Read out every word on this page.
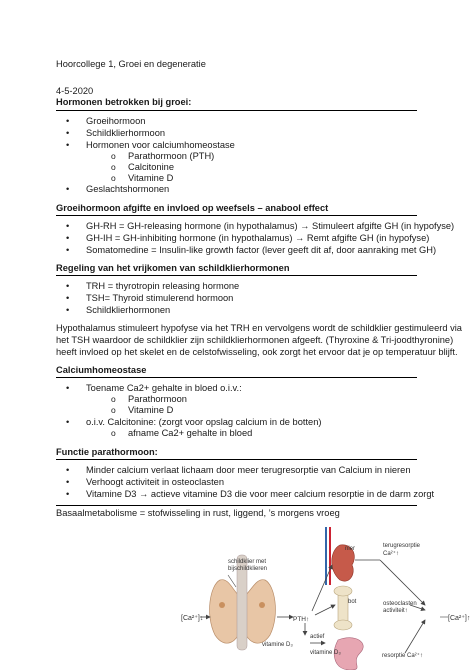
Hoorcollege 1, Groei en degeneratie
4-5-2020
Hormonen betrokken bij groei:
• Groeihormoon
• Schildklierhormoon
• Hormonen voor calciumhomeostase
o Parathormoon (PTH)
o Calcitonine
o Vitamine D
• Geslachtshormonen
Groeihormoon afgifte en invloed op weefsels – anabool effect
• GH-RH = GH-releasing hormone (in hypothalamus) → Stimuleert afgifte GH (in hypofyse)
• GH-IH = GH-inhibiting hormone (in hypothalamus) → Remt afgifte GH (in hypofyse)
• Somatomedine = Insulin-like growth factor (lever geeft dit af, door aanraking met GH)
Regeling van het vrijkomen van schildklierhormonen
• TRH = thyrotropin releasing hormone
• TSH= Thyroid stimulerend hormoon
• Schildklierhormonen
Hypothalamus stimuleert hypofyse via het TRH en vervolgens wordt de schildklier gestimuleerd via
het TSH waardoor de schildklier zijn schildklierhormonen afgeeft. (Thyroxine & Tri-joodthyronine)
heeft invloed op het skelet en de celstofwisseling, ook zorgt het ervoor dat je op temperatuur blijft.
Calciumhomeostase
• Toename Ca2+ gehalte in bloed o.i.v.:
o Parathormoon
o Vitamine D
• o.i.v. Calcitonine: (zorgt voor opslag calcium in de botten)
o afname Ca2+ gehalte in bloed
Functie parathormoon:
• Minder calcium verlaat lichaam door meer terugresorptie van Calcium in nieren
• Verhoogt activiteit in osteoclasten
• Vitamine D3 → actieve vitamine D3 die voor meer calcium resorptie in de darm zorgt
Basaalmetabolisme = stofwisseling in rust, liggend, ’s morgens vroeg
nier	terugresorptie
Ca²⁺↑
schildklier met
bijschildklieren
[Ca²⁺]↓	PTH↑
bot	osteoclasten
activiteit↑
[Ca²⁺]↑
vitamine D₃
actief
vitamine D₃	resorptie Ca²⁺↑
